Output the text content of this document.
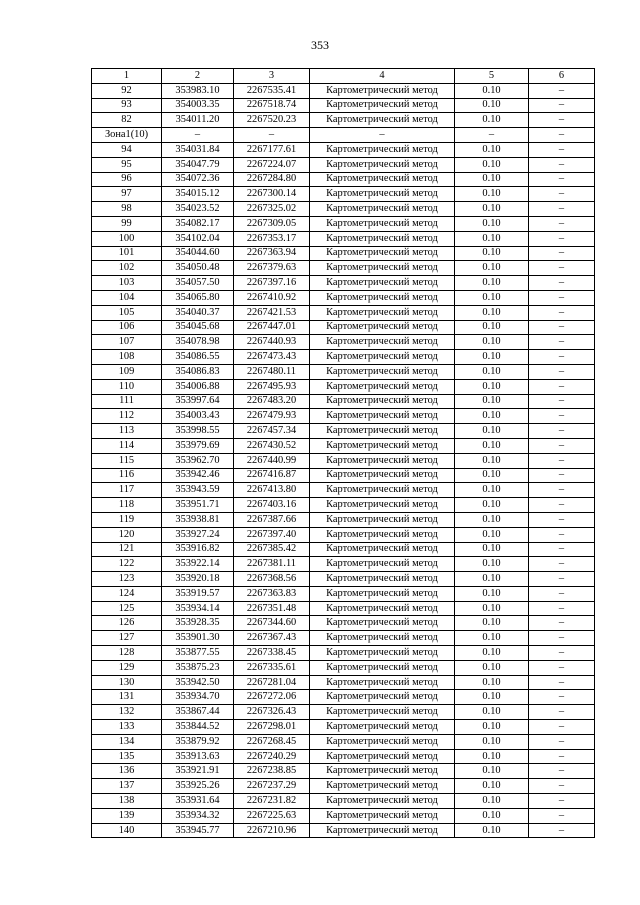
353
1	2	3	4	5	6
92	353983.10	2267535.41	Картометрический метод	0.10	–
93	354003.35	2267518.74	Картометрический метод	0.10	–
82	354011.20	2267520.23	Картометрический метод	0.10	–
Зона1(10)	–	–	–	–	–
94	354031.84	2267177.61	Картометрический метод	0.10	–
95	354047.79	2267224.07	Картометрический метод	0.10	–
96	354072.36	2267284.80	Картометрический метод	0.10	–
97	354015.12	2267300.14	Картометрический метод	0.10	–
98	354023.52	2267325.02	Картометрический метод	0.10	–
99	354082.17	2267309.05	Картометрический метод	0.10	–
100	354102.04	2267353.17	Картометрический метод	0.10	–
101	354044.60	2267363.94	Картометрический метод	0.10	–
102	354050.48	2267379.63	Картометрический метод	0.10	–
103	354057.50	2267397.16	Картометрический метод	0.10	–
104	354065.80	2267410.92	Картометрический метод	0.10	–
105	354040.37	2267421.53	Картометрический метод	0.10	–
106	354045.68	2267447.01	Картометрический метод	0.10	–
107	354078.98	2267440.93	Картометрический метод	0.10	–
108	354086.55	2267473.43	Картометрический метод	0.10	–
109	354086.83	2267480.11	Картометрический метод	0.10	–
110	354006.88	2267495.93	Картометрический метод	0.10	–
111	353997.64	2267483.20	Картометрический метод	0.10	–
112	354003.43	2267479.93	Картометрический метод	0.10	–
113	353998.55	2267457.34	Картометрический метод	0.10	–
114	353979.69	2267430.52	Картометрический метод	0.10	–
115	353962.70	2267440.99	Картометрический метод	0.10	–
116	353942.46	2267416.87	Картометрический метод	0.10	–
117	353943.59	2267413.80	Картометрический метод	0.10	–
118	353951.71	2267403.16	Картометрический метод	0.10	–
119	353938.81	2267387.66	Картометрический метод	0.10	–
120	353927.24	2267397.40	Картометрический метод	0.10	–
121	353916.82	2267385.42	Картометрический метод	0.10	–
122	353922.14	2267381.11	Картометрический метод	0.10	–
123	353920.18	2267368.56	Картометрический метод	0.10	–
124	353919.57	2267363.83	Картометрический метод	0.10	–
125	353934.14	2267351.48	Картометрический метод	0.10	–
126	353928.35	2267344.60	Картометрический метод	0.10	–
127	353901.30	2267367.43	Картометрический метод	0.10	–
128	353877.55	2267338.45	Картометрический метод	0.10	–
129	353875.23	2267335.61	Картометрический метод	0.10	–
130	353942.50	2267281.04	Картометрический метод	0.10	–
131	353934.70	2267272.06	Картометрический метод	0.10	–
132	353867.44	2267326.43	Картометрический метод	0.10	–
133	353844.52	2267298.01	Картометрический метод	0.10	–
134	353879.92	2267268.45	Картометрический метод	0.10	–
135	353913.63	2267240.29	Картометрический метод	0.10	–
136	353921.91	2267238.85	Картометрический метод	0.10	–
137	353925.26	2267237.29	Картометрический метод	0.10	–
138	353931.64	2267231.82	Картометрический метод	0.10	–
139	353934.32	2267225.63	Картометрический метод	0.10	–
140	353945.77	2267210.96	Картометрический метод	0.10	–
